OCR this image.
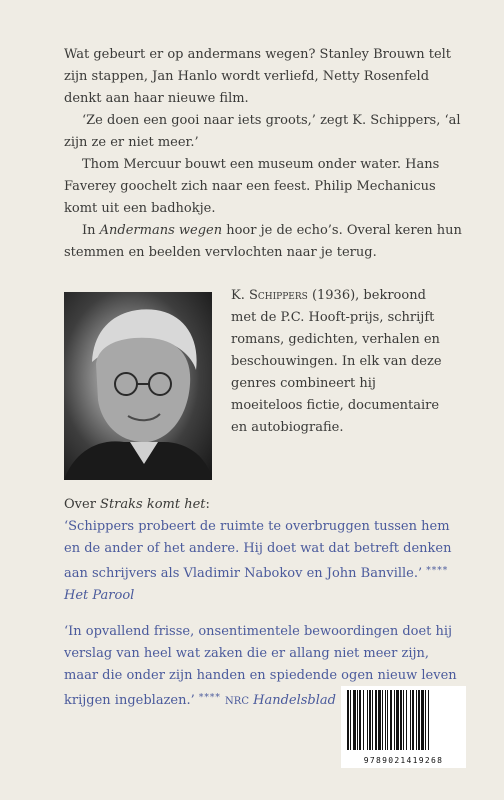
Wat gebeurt er op andermans wegen? Stanley Brouwn telt zijn stappen, Jan Hanlo wordt verliefd, Netty Rosenfeld denkt aan haar nieuwe film.

‘Ze doen een gooi naar iets groots,’ zegt K. Schippers, ‘al zijn ze er niet meer.’

Thom Mercuur bouwt een museum onder water. Hans Faverey goochelt zich naar een feest. Philip Mechanicus komt uit een badhokje.

In Andermans wegen hoor je de echo’s. Overal keren hun stemmen en beelden vervlochten naar je terug.

K. Schippers (1936), bekroond met de P.C. Hooft-prijs, schrijft romans, gedichten, verhalen en beschouwingen. In elk van deze genres combineert hij moeiteloos fictie, documentaire en autobiografie.

Over Straks komt het:

‘Schippers probeert de ruimte te overbruggen tussen hem en de ander of het andere. Hij doet wat dat betreft denken aan schrijvers als Vladimir Nabokov en John Banville.’ **** Het Parool

‘In opvallend frisse, onsentimentele bewoordingen doet hij verslag van heel wat zaken die er allang niet meer zijn, maar die onder zijn handen en spiedende ogen nieuw leven krijgen ingeblazen.’ **** NRC Handelsblad

9789021419268
